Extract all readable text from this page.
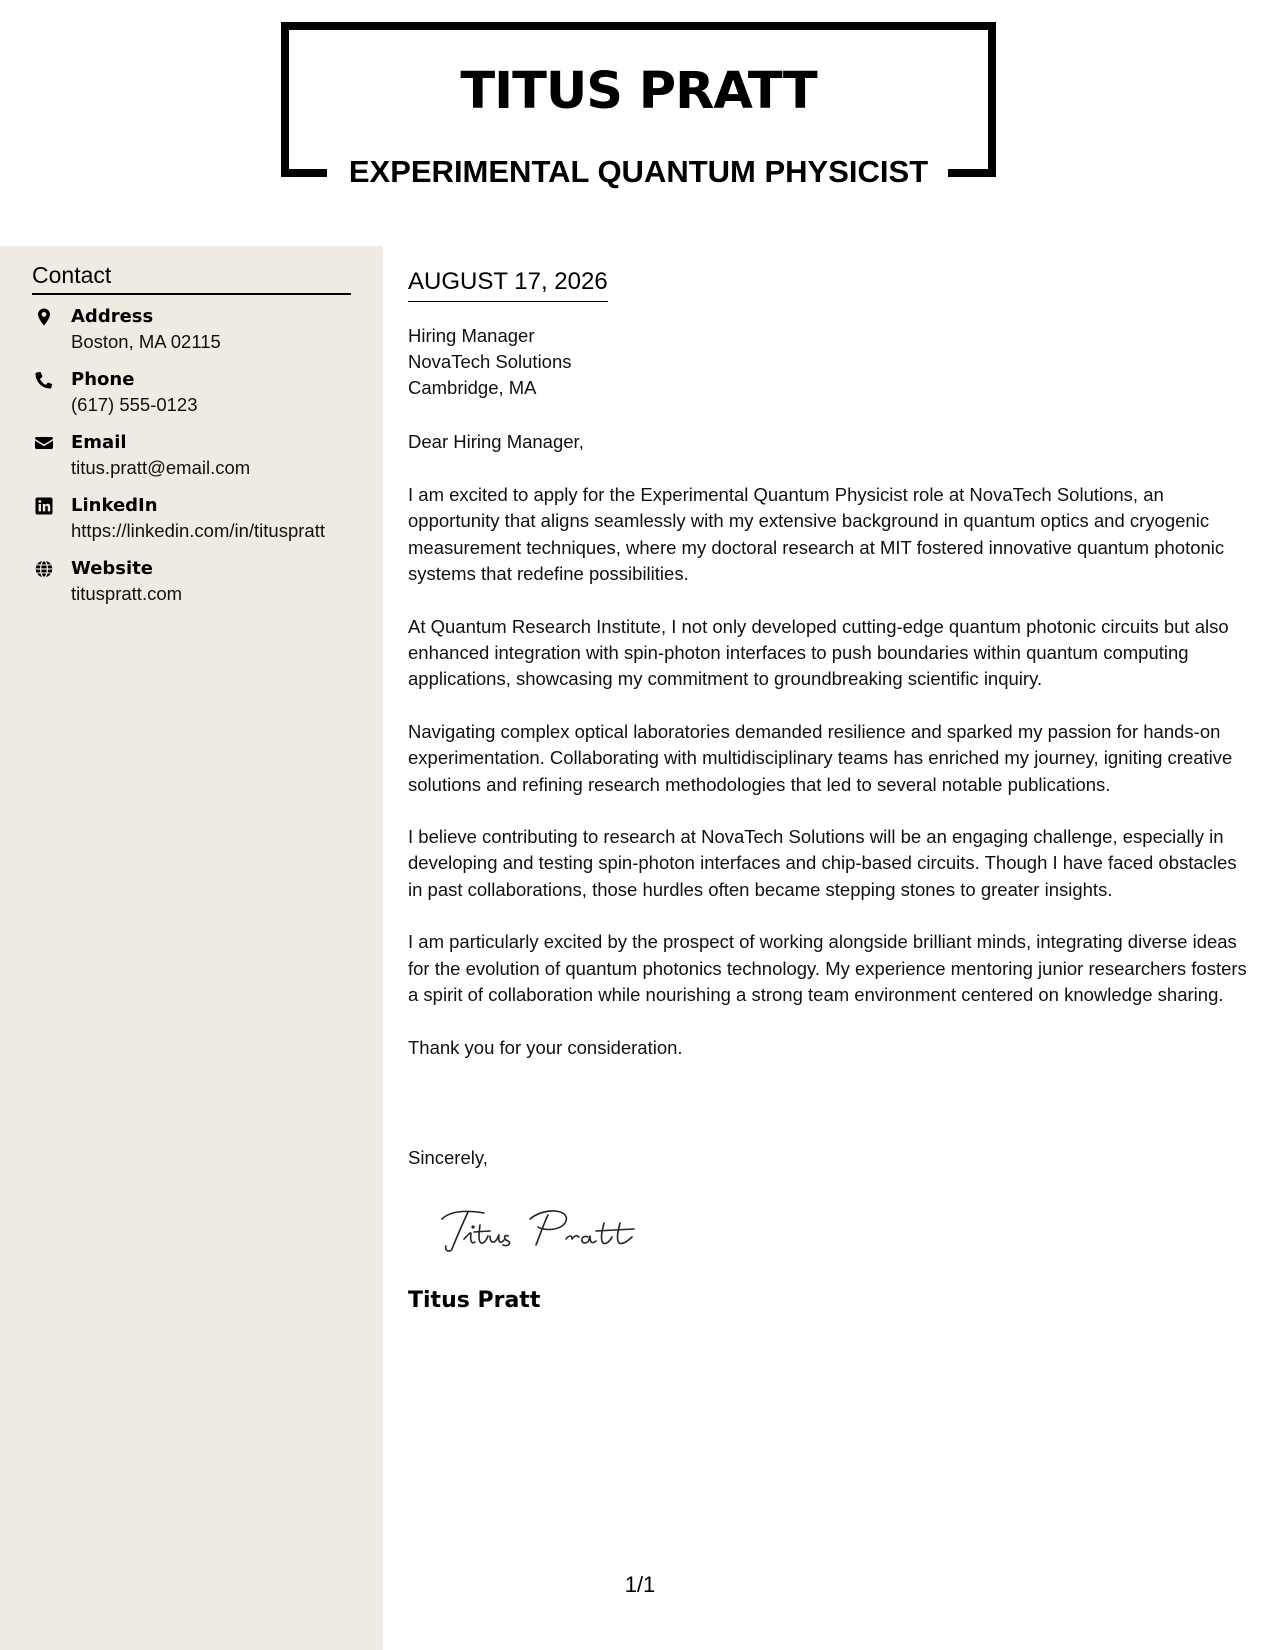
TITUS PRATT
EXPERIMENTAL QUANTUM PHYSICIST
Contact
Address
Boston, MA 02115
Phone
(617) 555-0123
Email
titus.pratt@email.com
LinkedIn
https://linkedin.com/in/tituspratt
Website
tituspratt.com
AUGUST 17, 2026
Hiring Manager
NovaTech Solutions
Cambridge, MA

Dear Hiring Manager,

I am excited to apply for the Experimental Quantum Physicist role at NovaTech Solutions, an opportunity that aligns seamlessly with my extensive background in quantum optics and cryogenic measurement techniques, where my doctoral research at MIT fostered innovative quantum photonic systems that redefine possibilities.

At Quantum Research Institute, I not only developed cutting-edge quantum photonic circuits but also enhanced integration with spin-photon interfaces to push boundaries within quantum computing applications, showcasing my commitment to groundbreaking scientific inquiry.

Navigating complex optical laboratories demanded resilience and sparked my passion for hands-on experimentation. Collaborating with multidisciplinary teams has enriched my journey, igniting creative solutions and refining research methodologies that led to several notable publications.

I believe contributing to research at NovaTech Solutions will be an engaging challenge, especially in developing and testing spin-photon interfaces and chip-based circuits. Though I have faced obstacles in past collaborations, those hurdles often became stepping stones to greater insights.

I am particularly excited by the prospect of working alongside brilliant minds, integrating diverse ideas for the evolution of quantum photonics technology. My experience mentoring junior researchers fosters a spirit of collaboration while nourishing a strong team environment centered on knowledge sharing.

Thank you for your consideration.

Sincerely,

Titus Pratt

1/1
